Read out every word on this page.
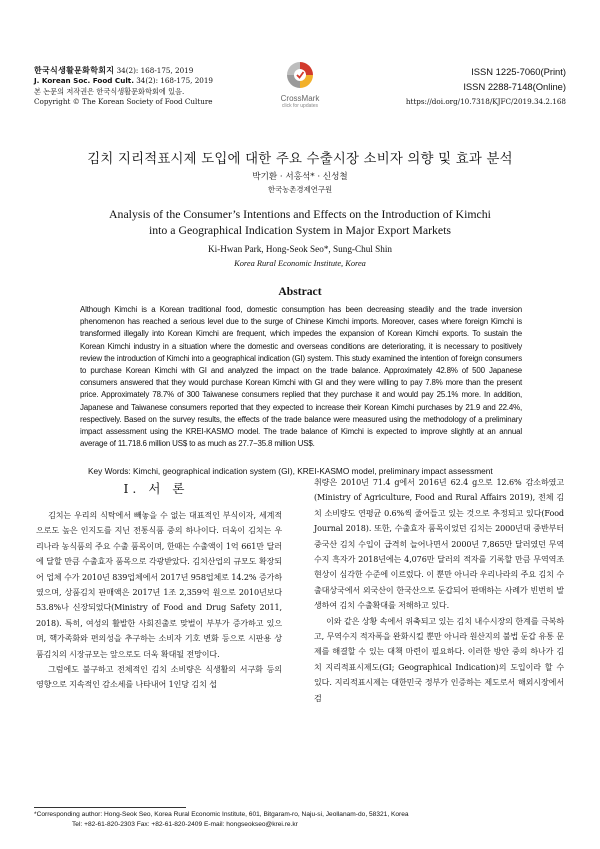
한국식생활문화학회지 34(2): 168-175, 2019
J. Korean Soc. Food Cult. 34(2): 168-175, 2019
본 논문의 저작권은 한국식생활문화학회에 있음.
Copyright © The Korean Society of Food Culture	CrossMark
click for updates
ISSN 1225-7060(Print)
ISSN 2288-7148(Online)
https://doi.org/10.7318/KJFC/2019.34.2.168
김치 지리적표시제 도입에 대한 주요 수출시장 소비자 의향 및 효과 분석
박기환 · 서홍석* · 신성철
한국농촌경제연구원
Analysis of the Consumer’s Intentions and Effects on the Introduction of Kimchi
into a Geographical Indication System in Major Export Markets
Ki-Hwan Park, Hong-Seok Seo*, Sung-Chul Shin
Korea Rural Economic Institute, Korea
Abstract
Although Kimchi is a Korean traditional food, domestic consumption has been decreasing steadily and the trade inversion phenomenon has reached a serious level due to the surge of Chinese Kimchi imports. Moreover, cases where foreign Kimchi is transformed illegally into Korean Kimchi are frequent, which impedes the expansion of Korean Kimchi exports. To sustain the Korean Kimchi industry in a situation where the domestic and overseas conditions are deteriorating, it is necessary to positively review the introduction of Kimchi into a geographical indication (GI) system. This study examined the intention of foreign consumers to purchase Korean Kimchi with GI and analyzed the impact on the trade balance. Approximately 42.8% of 500 Japanese consumers answered that they would purchase Korean Kimchi with GI and they were willing to pay 7.8% more than the present price. Approximately 78.7% of 300 Taiwanese consumers replied that they purchase it and would pay 25.1% more. In addition, Japanese and Taiwanese consumers reported that they expected to increase their Korean Kimchi purchases by 21.9 and 22.4%, respectively. Based on the survey results, the effects of the trade balance were measured using the methodology of a preliminary impact assessment using the KREI-KASMO model. The trade balance of Kimchi is expected to improve slightly at an annual average of 11.718.6 million US$ to as much as 27.7−35.8 million US$.
Key Words: Kimchi, geographical indication system (GI), KREI-KASMO model, preliminary impact assessment
I. 서 론

김치는 우리의 식탁에서 빼놓을 수 없는 대표적인 부식이자, 세계적으로도 높은 인지도를 지닌 전통식품 중의 하나이다. 더욱이 김치는 우리나라 농식품의 주요 수출 품목이며, 한때는 수출액이 1억 661만 달러에 달할 만큼 수출효자 품목으로 각광받았다. 김치산업의 규모도 확장되어 업체 수가 2010년 839업체에서 2017년 958업체로 14.2% 증가하였으며, 상품김치 판매액은 2017년 1조 2,359억 원으로 2010년보다 53.8%나 신장되었다(Ministry of Food and Drug Safety 2011, 2018). 특히, 여성의 활발한 사회진출로 맞벌이 부부가 증가하고 있으며, 핵가족화와 편의성을 추구하는 소비자 기호 변화 등으로 시판용 상품김치의 시장규모는 앞으로도 더욱 확대될 전망이다.

그럼에도 불구하고 전체적인 김치 소비량은 식생활의 서구화 등의 영향으로 지속적인 감소세를 나타내어 1인당 김치 섭

취량은 2010년 71.4 g에서 2016년 62.4 g으로 12.6% 감소하였고(Ministry of Agriculture, Food and Rural Affairs 2019), 전체 김치 소비량도 연평균 0.6%씩 줄어들고 있는 것으로 추정되고 있다(Food Journal 2018). 또한, 수출효자 품목이었던 김치는 2000년대 중반부터 중국산 김치 수입이 급격히 늘어나면서 2000년 7,865만 달러였던 무역수지 흑자가 2018년에는 4,076만 달러의 적자를 기록할 만큼 무역역조 현상이 심각한 수준에 이르렀다. 이 뿐만 아니라 우리나라의 주요 김치 수출대상국에서 외국산이 한국산으로 둔갑되어 판매하는 사례가 빈번히 발생하여 김치 수출확대를 저해하고 있다.

이와 같은 상황 속에서 위축되고 있는 김치 내수시장의 한계를 극복하고, 무역수지 적자폭을 완화시킬 뿐만 아니라 원산지의 불법 둔갑 유통 문제를 해결할 수 있는 대책 마련이 필요하다. 이러한 방안 중의 하나가 김치 지리적표시제도(GI; Geographical Indication)의 도입이라 할 수 있다. 지리적표시제는 대한민국 정부가 인증하는 제도로서 해외시장에서 검

*Corresponding author: Hong-Seok Seo, Korea Rural Economic Institute, 601, Bitgaram-ro, Naju-si, Jeollanam-do, 58321, Korea
Tel: +82-61-820-2303 Fax: +82-61-820-2409 E-mail: hongseokseo@krei.re.kr
